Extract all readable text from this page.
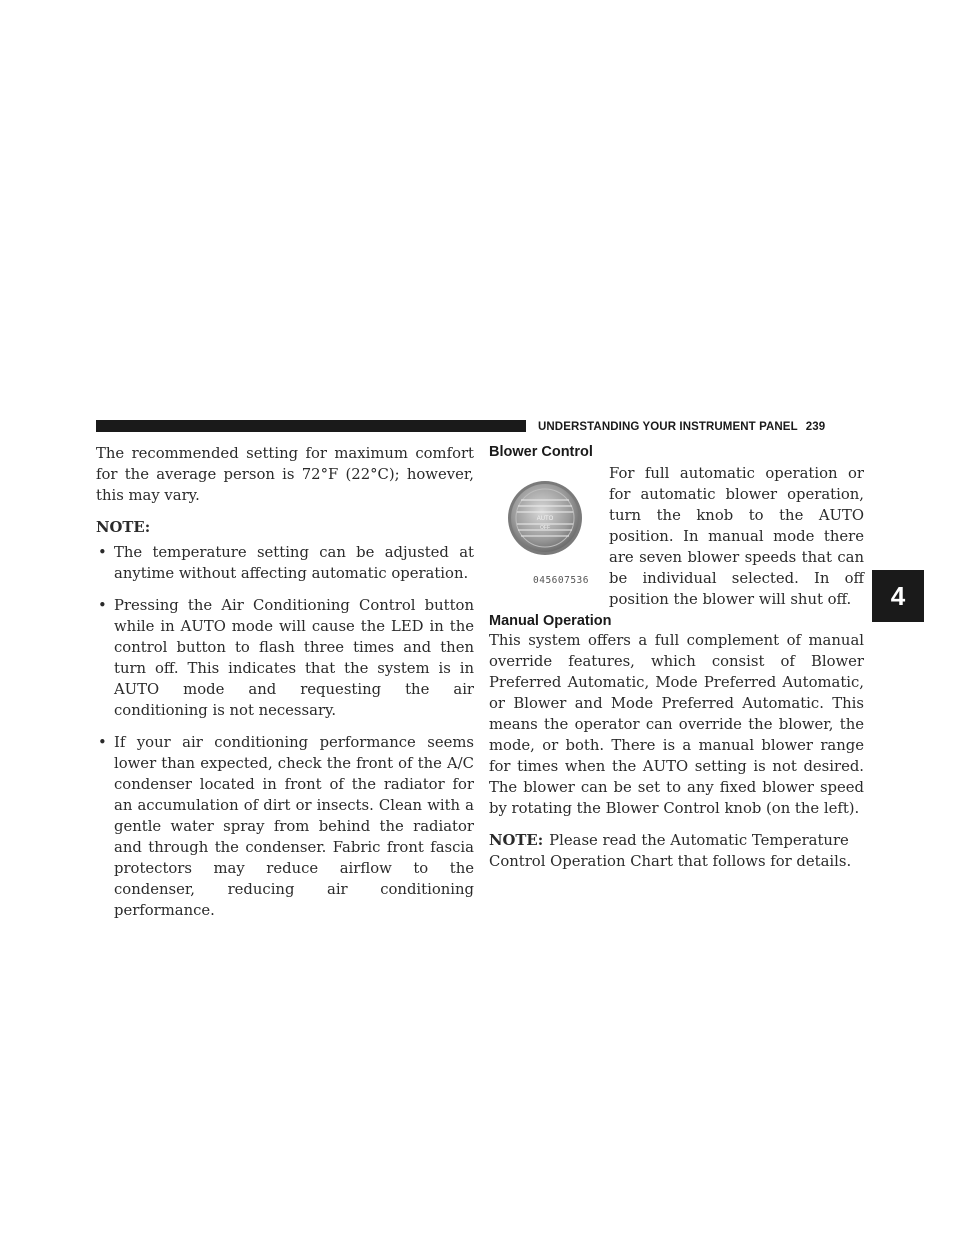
UNDERSTANDING YOUR INSTRUMENT PANEL 239
4

The recommended setting for maximum comfort for the average person is 72°F (22°C); however, this may vary.

NOTE:

• The temperature setting can be adjusted at anytime without affecting automatic operation.
• Pressing the Air Conditioning Control button while in AUTO mode will cause the LED in the control button to flash three times and then turn off. This indicates that the system is in AUTO mode and requesting the air conditioning is not necessary.
• If your air conditioning performance seems lower than expected, check the front of the A/C condenser located in front of the radiator for an accumulation of dirt or insects. Clean with a gentle water spray from behind the radiator and through the condenser. Fabric front fascia protectors may reduce airflow to the condenser, reducing air conditioning performance.
Blower Control
AUTO
OFF
045607536

For full automatic operation or for automatic blower operation, turn the knob to the AUTO position. In manual mode there are seven blower speeds that can be individual selected. In off position the blower will shut off.

Manual Operation

This system offers a full complement of manual override features, which consist of Blower Preferred Automatic, Mode Preferred Automatic, or Blower and Mode Preferred Automatic. This means the operator can override the blower, the mode, or both. There is a manual blower range for times when the AUTO setting is not desired. The blower can be set to any fixed blower speed by rotating the Blower Control knob (on the left).

NOTE: Please read the Automatic Temperature Control Operation Chart that follows for details.
